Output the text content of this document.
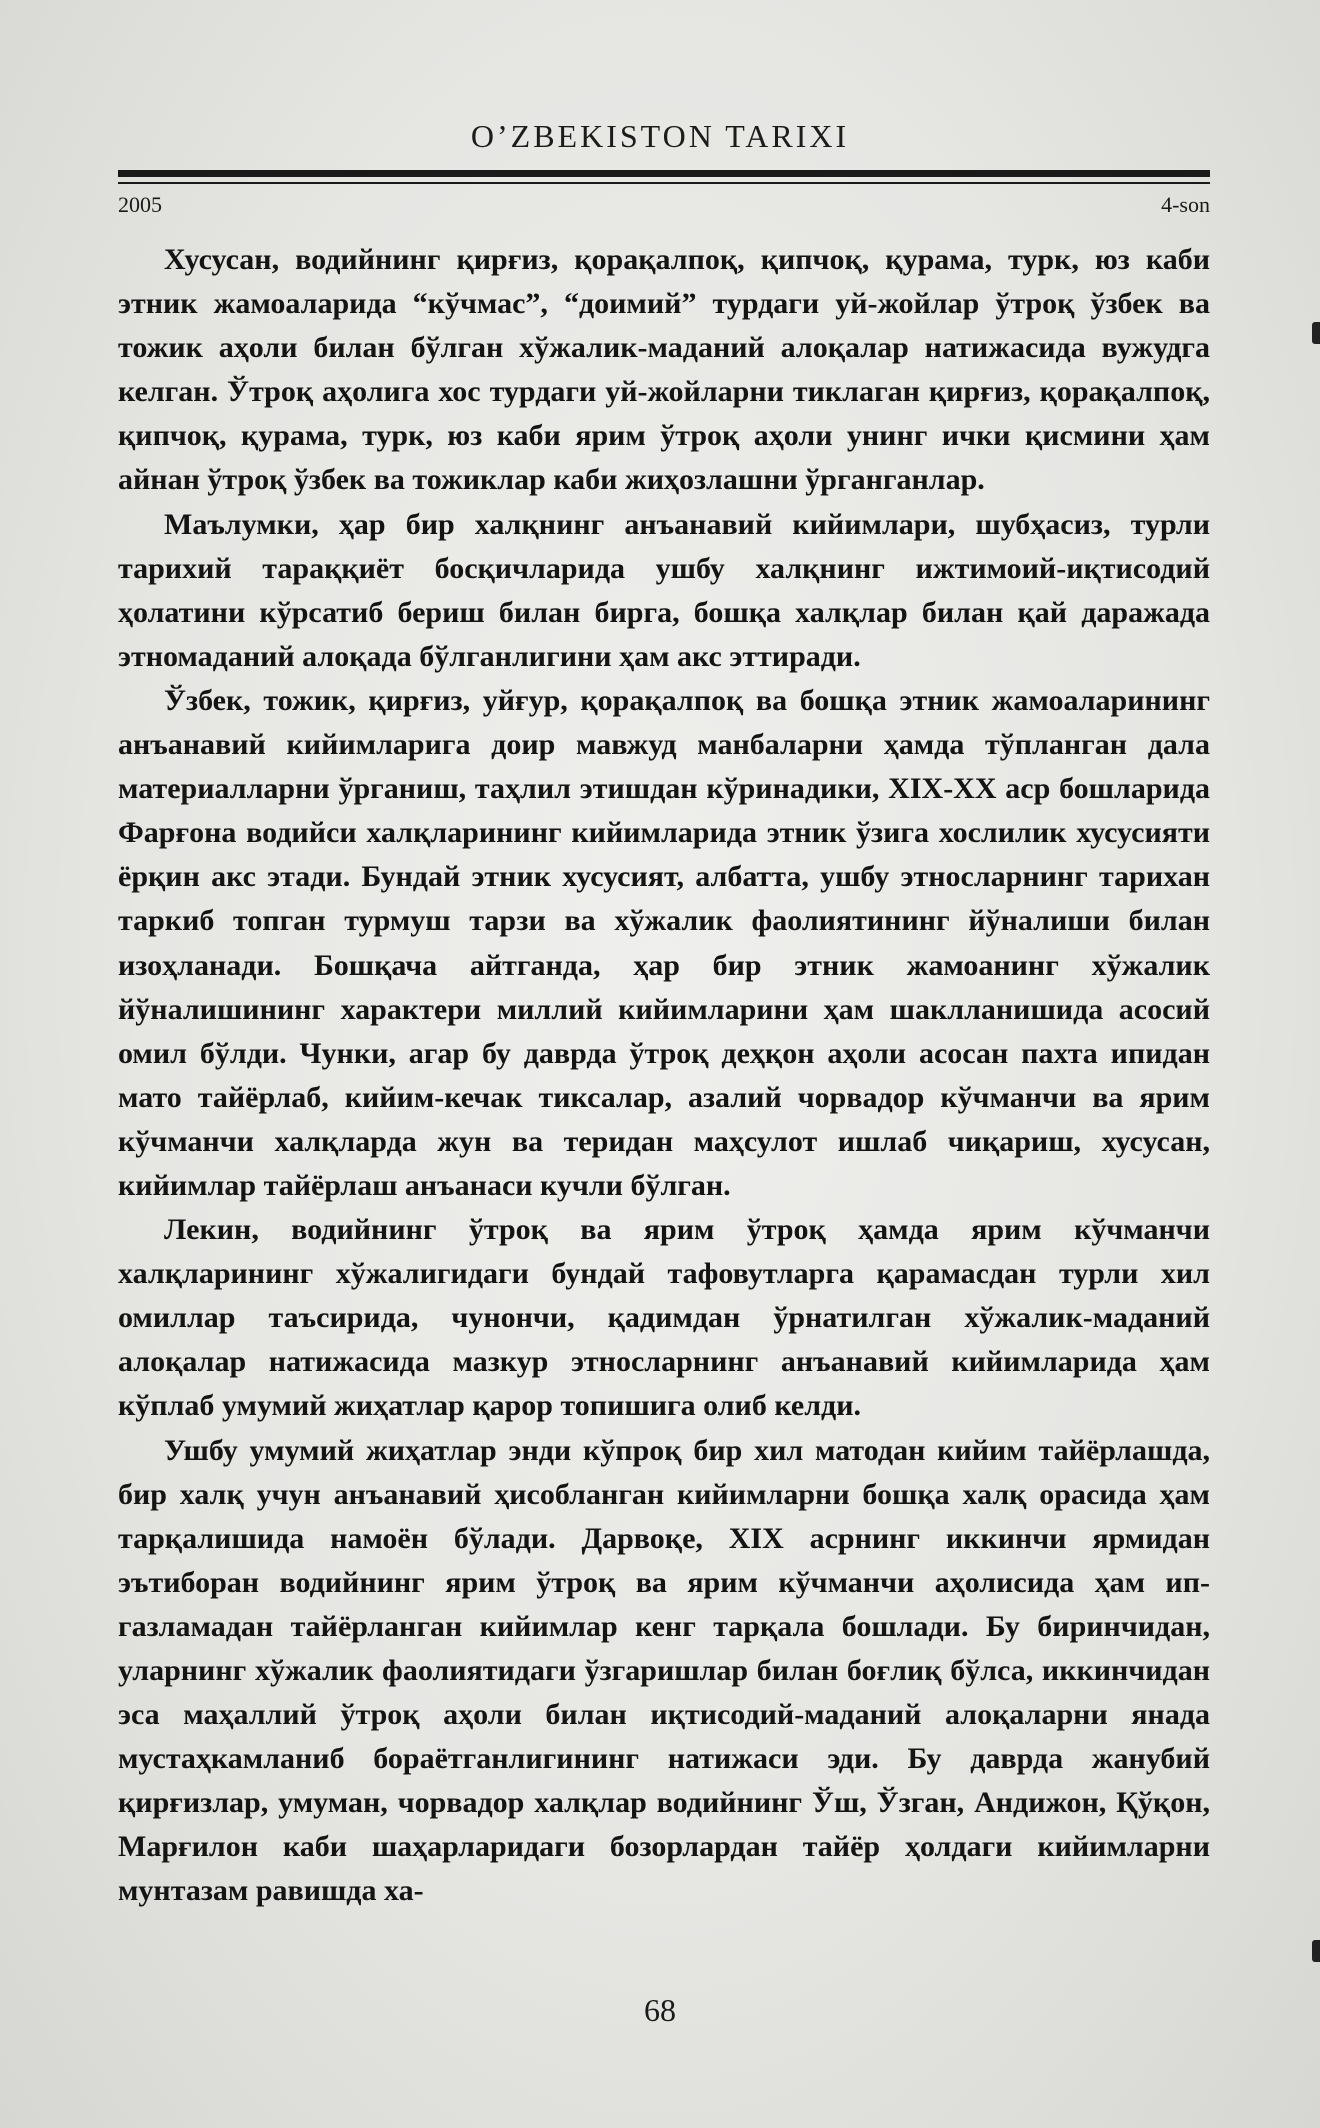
O’ZBEKISTON TARIXI
2005	4-son

Хусусан, водийнинг қирғиз, қорақалпоқ, қипчоқ, қурама, турк, юз каби этник жамоаларида “кўчмас”, “доимий” турдаги уй-жойлар ўтроқ ўзбек ва тожик аҳоли билан бўлган хўжалик-маданий алоқалар натижасида вужудга келган. Ўтроқ аҳолига хос турдаги уй-жойларни тиклаган қирғиз, қорақалпоқ, қипчоқ, қурама, турк, юз каби ярим ўтроқ аҳоли унинг ички қисмини ҳам айнан ўтроқ ўзбек ва тожиклар каби жиҳозлашни ўрганганлар.

Маълумки, ҳар бир халқнинг анъанавий кийимлари, шубҳасиз, турли тарихий тараққиёт босқичларида ушбу халқнинг ижтимоий-иқтисодий ҳолатини кўрсатиб бериш билан бирга, бошқа халқлар билан қай даражада этномаданий алоқада бўлганлигини ҳам акс эттиради.

Ўзбек, тожик, қирғиз, уйғур, қорақалпоқ ва бошқа этник жамоаларининг анъанавий кийимларига доир мавжуд манбаларни ҳамда тўпланган дала материалларни ўрганиш, таҳлил этишдан кўринадики, XIX-XX аср бошларида Фарғона водийси халқларининг кийимларида этник ўзига хослилик хусусияти ёрқин акс этади. Бундай этник хусусият, албатта, ушбу этносларнинг тарихан таркиб топган турмуш тарзи ва хўжалик фаолиятининг йўналиши билан изоҳланади. Бошқача айтганда, ҳар бир этник жамоанинг хўжалик йўналишининг характери миллий кийимларини ҳам шаклланишида асосий омил бўлди. Чунки, агар бу даврда ўтроқ деҳқон аҳоли асосан пахта ипидан мато тайёрлаб, кийим-кечак тиксалар, азалий чорвадор кўчманчи ва ярим кўчманчи халқларда жун ва теридан маҳсулот ишлаб чиқариш, хусусан, кийимлар тайёрлаш анъанаси кучли бўлган.

Лекин, водийнинг ўтроқ ва ярим ўтроқ ҳамда ярим кўчманчи халқларининг хўжалигидаги бундай тафовутларга қарамасдан турли хил омиллар таъсирида, чунончи, қадимдан ўрнатилган хўжалик-маданий алоқалар натижасида мазкур этносларнинг анъанавий кийимларида ҳам кўплаб умумий жиҳатлар қарор топишига олиб келди.

Ушбу умумий жиҳатлар энди кўпроқ бир хил матодан кийим тайёрлашда, бир халқ учун анъанавий ҳисобланган кийимларни бошқа халқ орасида ҳам тарқалишида намоён бўлади. Дарвоқе, XIX асрнинг иккинчи ярмидан эътиборан водийнинг ярим ўтроқ ва ярим кўчманчи аҳолисида ҳам ип-газламадан тайёрланган кийимлар кенг тарқала бошлади. Бу биринчидан, уларнинг хўжалик фаолиятидаги ўзгаришлар билан боғлиқ бўлса, иккинчидан эса маҳаллий ўтроқ аҳоли билан иқтисодий-маданий алоқаларни янада мустаҳкамланиб бораётганлигининг натижаси эди. Бу даврда жанубий қирғизлар, умуман, чорвадор халқлар водийнинг Ўш, Ўзган, Андижон, Қўқон, Марғилон каби шаҳарларидаги бозорлардан тайёр ҳолдаги кийимларни мунтазам равишда ха-

68
